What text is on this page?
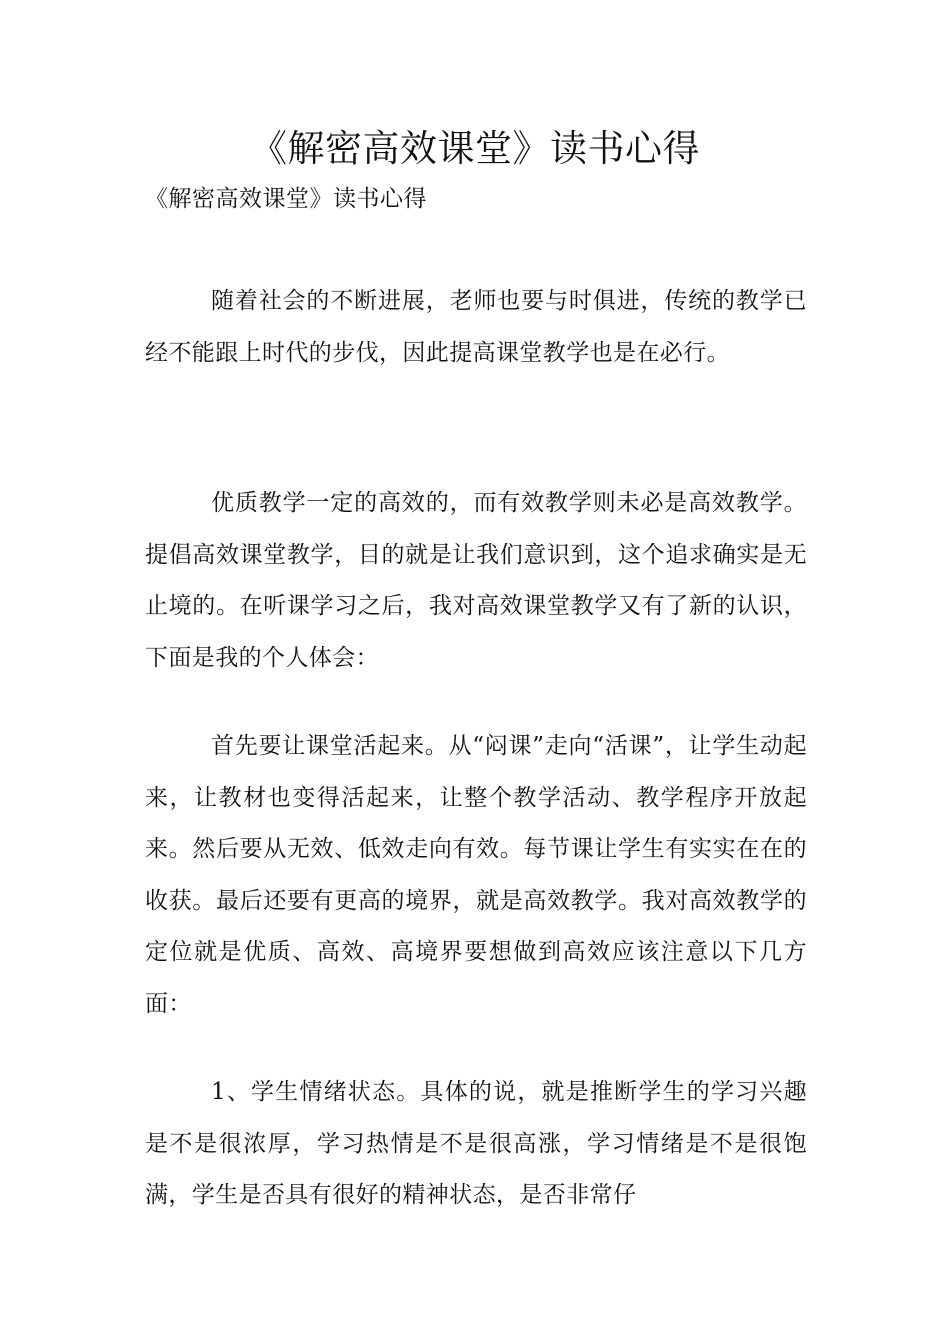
《解密高效课堂》读书心得

《解密高效课堂》读书心得

随着社会的不断进展，老师也要与时俱进，传统的教学已经不能跟上时代的步伐，因此提高课堂教学也是在必行。

优质教学一定的高效的，而有效教学则未必是高效教学。提倡高效课堂教学，目的就是让我们意识到，这个追求确实是无止境的。在听课学习之后，我对高效课堂教学又有了新的认识，下面是我的个人体会：

首先要让课堂活起来。从“闷课”走向“活课”，让学生动起来，让教材也变得活起来，让整个教学活动、教学程序开放起来。然后要从无效、低效走向有效。每节课让学生有实实在在的收获。最后还要有更高的境界，就是高效教学。我对高效教学的定位就是优质、高效、高境界要想做到高效应该注意以下几方面：

1、学生情绪状态。具体的说，就是推断学生的学习兴趣是不是很浓厚，学习热情是不是很高涨，学习情绪是不是很饱满，学生是否具有很好的精神状态，是否非常仔
